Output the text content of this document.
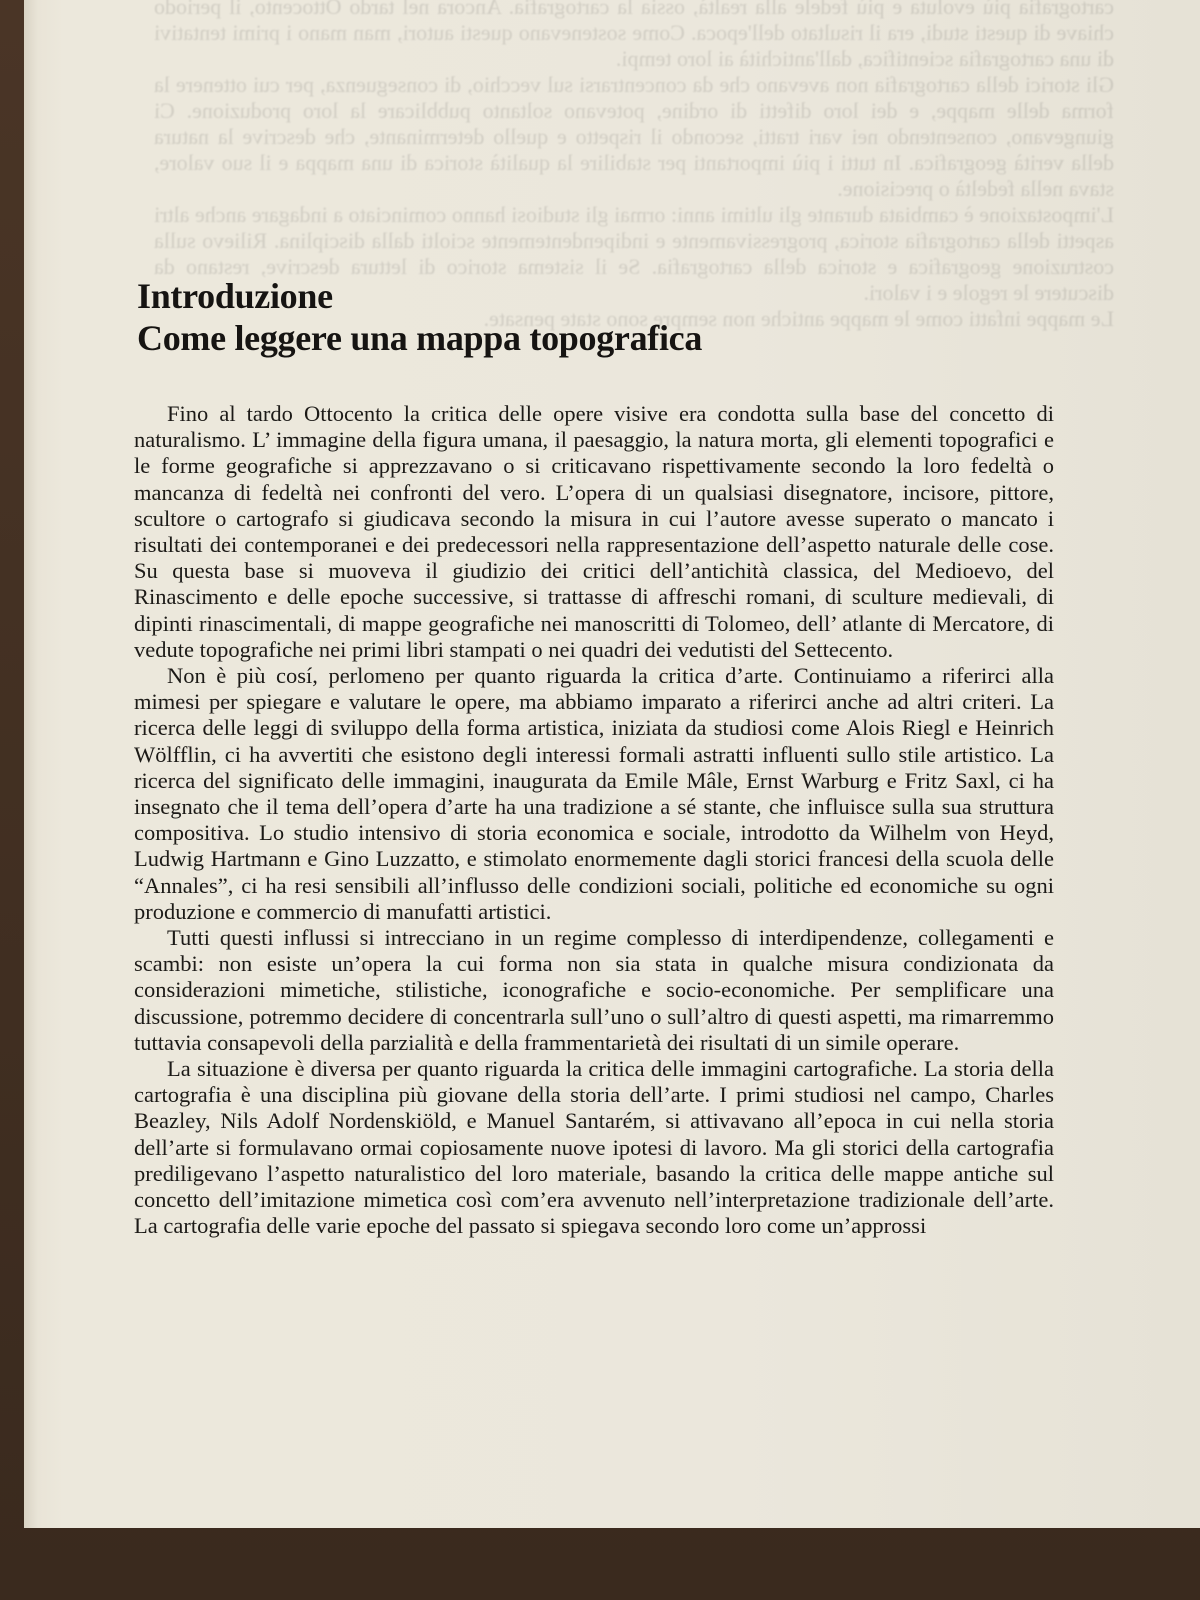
cartografia più evoluta e più fedele alla realtà, ossia la cartografia. Ancora nel tardo Ottocento, il periodo chiave di questi studi, era il risultato dell'epoca. Come sostenevano questi autori, man mano i primi tentativi di una cartografia scientifica, dall'antichità ai loro tempi.

Gli storici della cartografia non avevano che da concentrarsi sul vecchio, di conseguenza, per cui ottenere la forma delle mappe, e dei loro difetti di ordine, potevano soltanto pubblicare la loro produzione. Ci giungevano, consentendo nei vari tratti, secondo il rispetto e quello determinante, che descrive la natura della verità geografica. In tutti i più importanti per stabilire la qualità storica di una mappa e il suo valore, stava nella fedeltà o precisione.

L'impostazione è cambiata durante gli ultimi anni: ormai gli studiosi hanno cominciato a indagare anche altri aspetti della cartografia storica, progressivamente e indipendentemente sciolti dalla disciplina. Rilievo sulla costruzione geografica e storica della cartografia. Se il sistema storico di lettura descrive, restano da discutere le regole e i valori.

Le mappe infatti come le mappe antiche non sempre sono state pensate.

Introduzione
Come leggere una mappa topografica

Fino al tardo Ottocento la critica delle opere visive era condotta sulla base del concetto di naturalismo. L’ immagine della figura umana, il paesaggio, la natura morta, gli elementi topografici e le forme geografiche si apprezzavano o si criticavano rispettivamente secondo la loro fedeltà o mancanza di fedeltà nei confronti del vero. L’opera di un qualsiasi disegnatore, incisore, pittore, scultore o cartografo si giudicava secondo la misura in cui l’autore avesse superato o mancato i risultati dei contemporanei e dei predecessori nella rappresentazione dell’aspetto naturale delle cose. Su questa base si muoveva il giudizio dei critici dell’antichità classica, del Medioevo, del Rinascimento e delle epoche successive, si trattasse di affreschi romani, di sculture medievali, di dipinti rinascimentali, di mappe geografiche nei manoscritti di Tolomeo, dell’ atlante di Mercatore, di vedute topografiche nei primi libri stampati o nei quadri dei vedutisti del Settecento.

Non è più cosí, perlomeno per quanto riguarda la critica d’arte. Continuiamo a riferirci alla mimesi per spiegare e valutare le opere, ma abbiamo imparato a riferirci anche ad altri criteri. La ricerca delle leggi di sviluppo della forma artistica, iniziata da studiosi come Alois Riegl e Heinrich Wölfflin, ci ha avvertiti che esistono degli interessi formali astratti influenti sullo stile artistico. La ricerca del significato delle immagini, inaugurata da Emile Mâle, Ernst Warburg e Fritz Saxl, ci ha insegnato che il tema dell’opera d’arte ha una tradizione a sé stante, che influisce sulla sua struttura compositiva. Lo studio intensivo di storia economica e sociale, introdotto da Wilhelm von Heyd, Ludwig Hartmann e Gino Luzzatto, e stimolato enormemente dagli storici francesi della scuola delle “Annales”, ci ha resi sensibili all’influsso delle condizioni sociali, politiche ed economiche su ogni produzione e commercio di manufatti artistici.

Tutti questi influssi si intrecciano in un regime complesso di interdipendenze, collegamenti e scambi: non esiste un’opera la cui forma non sia stata in qualche misura condizionata da considerazioni mimetiche, stilistiche, iconografiche e socio-economiche. Per semplificare una discussione, potremmo decidere di concentrarla sull’uno o sull’altro di questi aspetti, ma rimarremmo tuttavia consapevoli della parzialità e della frammentarietà dei risultati di un simile operare.

La situazione è diversa per quanto riguarda la critica delle immagini cartografiche. La storia della cartografia è una disciplina più giovane della storia dell’arte. I primi studiosi nel campo, Charles Beazley, Nils Adolf Nordenskiöld, e Manuel Santarém, si attivavano all’epoca in cui nella storia dell’arte si formulavano ormai copiosamente nuove ipotesi di lavoro. Ma gli storici della cartografia prediligevano l’aspetto naturalistico del loro materiale, basando la critica delle mappe antiche sul concetto dell’imitazione mimetica così com’era avvenuto nell’interpretazione tradizionale dell’arte. La cartografia delle varie epoche del passato si spiegava secondo loro come un’approssi
